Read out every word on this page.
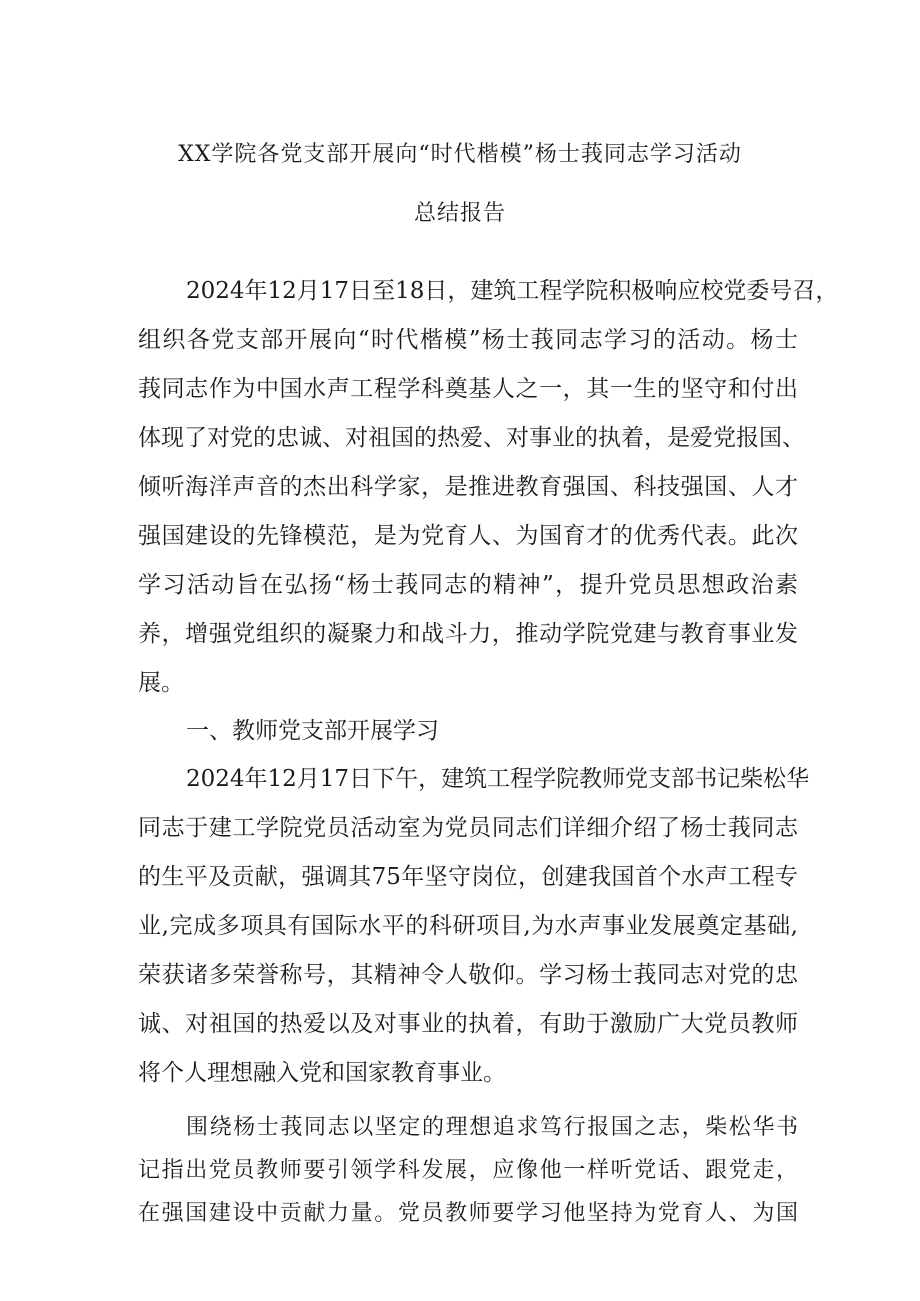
XX学院各党支部开展向“时代楷模”杨士莪同志学习活动
总结报告
2024年12月17日至18日，建筑工程学院积极响应校党委号召，
组织各党支部开展向“时代楷模”杨士莪同志学习的活动。杨士
莪同志作为中国水声工程学科奠基人之一，其一生的坚守和付出
体现了对党的忠诚、对祖国的热爱、对事业的执着，是爱党报国、
倾听海洋声音的杰出科学家，是推进教育强国、科技强国、人才
强国建设的先锋模范，是为党育人、为国育才的优秀代表。此次
学习活动旨在弘扬“杨士莪同志的精神”，提升党员思想政治素
养，增强党组织的凝聚力和战斗力，推动学院党建与教育事业发
展。
一、教师党支部开展学习
2024年12月17日下午，建筑工程学院教师党支部书记柴松华
同志于建工学院党员活动室为党员同志们详细介绍了杨士莪同志
的生平及贡献，强调其75年坚守岗位，创建我国首个水声工程专
业,完成多项具有国际水平的科研项目,为水声事业发展奠定基础,
荣获诸多荣誉称号，其精神令人敬仰。学习杨士莪同志对党的忠
诚、对祖国的热爱以及对事业的执着，有助于激励广大党员教师
将个人理想融入党和国家教育事业。
围绕杨士莪同志以坚定的理想追求笃行报国之志，柴松华书
记指出党员教师要引领学科发展，应像他一样听党话、跟党走，
在强国建设中贡献力量。党员教师要学习他坚持为党育人、为国
